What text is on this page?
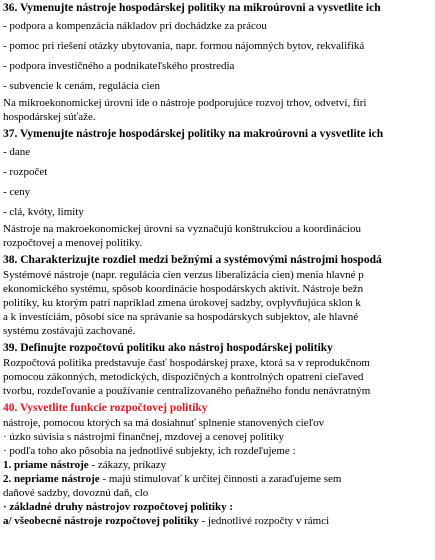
36. Vymenujte nástroje hospodárskej politiky na mikroúrovni a vysvetlite ich
- podpora a kompenzácia nákladov pri dochádzke za prácou
- pomoc pri riešení otázky ubytovania, napr. formou nájomných bytov, rekvalifiká
- podpora investičného a podnikateľského prostredia
- subvencie k cenám, regulácia cien
Na mikroekonomickej úrovni ide o nástroje podporujúce rozvoj trhov, odvetví, firi
hospodárskej súťaže.
37. Vymenujte nástroje hospodárskej politiky na makroúrovni a vysvetlite ich
- dane
- rozpočet
- ceny
- clá, kvóty, limity
Nástroje na makroekonomickej úrovni sa vyznačujú konštrukciou a koordináciou
rozpočtovej a menovej politiky.
38. Charakterizujte rozdiel medzi bežnými a systémovými nástrojmi hospodá
Systémové nástroje (napr. regulácia cien verzus liberalizácia cien) menia hlavné p
ekonomického systému, spôsob koordinácie hospodárskych aktivít. Nástroje bežn
politiky, ku ktorým patrí napríklad zmena úrokovej sadzby, ovplyvňujúca sklon k
a k investíciám, pôsobí síce na správanie sa hospodárskych subjektov, ale hlavné
systému zostávajú zachované.
39. Definujte rozpočtovú politiku ako nástroj hospodárskej politiky
Rozpočtová politika predstavuje časť hospodárskej praxe, ktorá sa v reprodukčnom
pomocou zákonných, metodických, dispozičných a kontrolných opatrení cieľaved
tvorbu, rozdeľovanie a používanie centralizovaného peňažného fondu nenávratným
40. Vysvetlite funkcie rozpočtovej politiky
nástroje, pomocou ktorých sa má dosiahnuť splnenie stanovených cieľov
· úzko súvisia s nástrojmi finančnej, mzdovej a cenovej politiky
· podľa toho ako pôsobia na jednotlivé subjekty, ich rozdeľujeme :
1. priame nástroje - zákazy, príkazy
2. nepriame nástroje - majú stimulovať k určitej činnosti a zaraďujeme sem
daňové sadzby, dovoznú daň, clo
· základné druhy nástrojov rozpočtovej politiky :
a/ všeobecné nástroje rozpočtovej politiky - jednotlivé rozpočty v rámci
